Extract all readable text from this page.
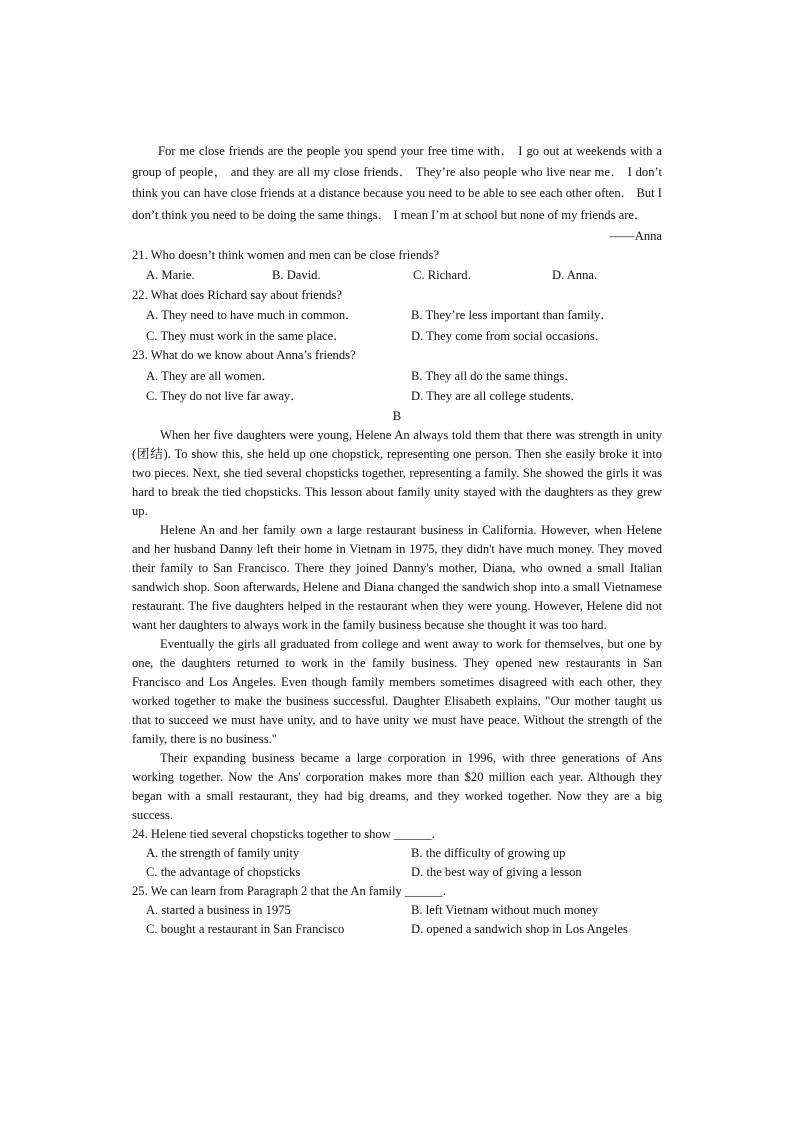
For me close friends are the people you spend your free time with． I go out at weekends with a group of people， and they are all my close friends． They’re also people who live near me． I don’t think you can have close friends at a distance because you need to be able to see each other often． But I don’t think you need to be doing the same things． I mean I’m at school but none of my friends are．

——Anna

21. Who doesn’t think women and men can be close friends?

A. Marie.	B. David.	C. Richard.	D. Anna.

22. What does Richard say about friends?

A. They need to have much in common．	B. They’re less important than family．
C. They must work in the same place．	D. They come from social occasions．

23. What do we know about Anna’s friends?

A. They are all women．	B. They all do the same things．
C. They do not live far away．	D. They are all college students．

B

When her five daughters were young, Helene An always told them that there was strength in unity (团结). To show this, she held up one chopstick, representing one person. Then she easily broke it into two pieces. Next, she tied several chopsticks together, representing a family. She showed the girls it was hard to break the tied chopsticks. This lesson about family unity stayed with the daughters as they grew up.

Helene An and her family own a large restaurant business in California. However, when Helene and her husband Danny left their home in Vietnam in 1975, they didn't have much money. They moved their family to San Francisco. There they joined Danny's mother, Diana, who owned a small Italian sandwich shop. Soon afterwards, Helene and Diana changed the sandwich shop into a small Vietnamese restaurant. The five daughters helped in the restaurant when they were young. However, Helene did not want her daughters to always work in the family business because she thought it was too hard.

Eventually the girls all graduated from college and went away to work for themselves, but one by one, the daughters returned to work in the family business. They opened new restaurants in San Francisco and Los Angeles. Even though family members sometimes disagreed with each other, they worked together to make the business successful. Daughter Elisabeth explains, "Our mother taught us that to succeed we must have unity, and to have unity we must have peace. Without the strength of the family, there is no business."

Their expanding business became a large corporation in 1996, with three generations of Ans working together. Now the Ans' corporation makes more than $20 million each year. Although they began with a small restaurant, they had big dreams, and they worked together. Now they are a big success.

24. Helene tied several chopsticks together to show ______.

A. the strength of family unity	B. the difficulty of growing up
C. the advantage of chopsticks	D. the best way of giving a lesson

25. We can learn from Paragraph 2 that the An family ______.

A. started a business in 1975	B. left Vietnam without much money
C. bought a restaurant in San Francisco	D. opened a sandwich shop in Los Angeles
